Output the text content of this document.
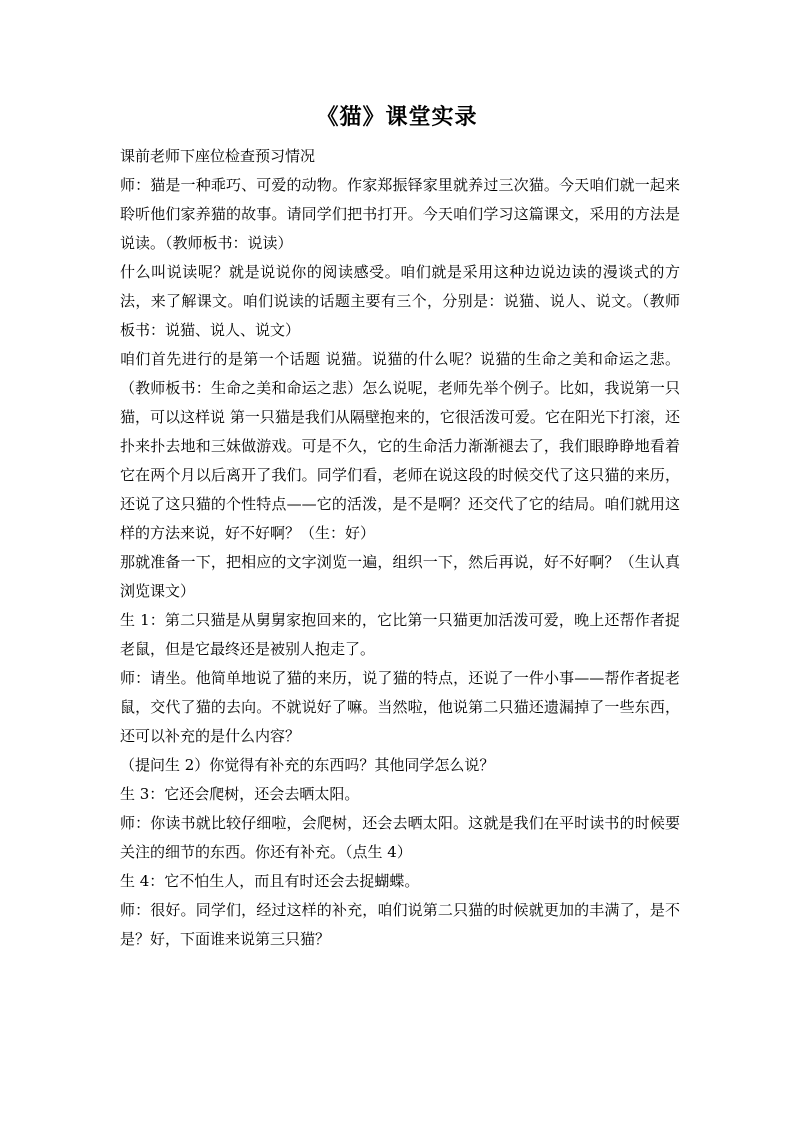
《猫》课堂实录

课前老师下座位检查预习情况

师：猫是一种乖巧、可爱的动物。作家郑振铎家里就养过三次猫。今天咱们就一起来聆听他们家养猫的故事。请同学们把书打开。今天咱们学习这篇课文，采用的方法是说读。（教师板书：说读）

什么叫说读呢？就是说说你的阅读感受。咱们就是采用这种边说边读的漫谈式的方法，来了解课文。咱们说读的话题主要有三个，分别是：说猫、说人、说文。（教师板书：说猫、说人、说文）

咱们首先进行的是第一个话题 说猫。说猫的什么呢？说猫的生命之美和命运之悲。（教师板书：生命之美和命运之悲）怎么说呢，老师先举个例子。比如，我说第一只猫，可以这样说 第一只猫是我们从隔壁抱来的，它很活泼可爱。它在阳光下打滚，还扑来扑去地和三妹做游戏。可是不久，它的生命活力渐渐褪去了，我们眼睁睁地看着它在两个月以后离开了我们。同学们看，老师在说这段的时候交代了这只猫的来历，还说了这只猫的个性特点——它的活泼，是不是啊？还交代了它的结局。咱们就用这样的方法来说，好不好啊？（生：好）

那就准备一下，把相应的文字浏览一遍，组织一下，然后再说，好不好啊？（生认真浏览课文）

生 1：第二只猫是从舅舅家抱回来的，它比第一只猫更加活泼可爱，晚上还帮作者捉老鼠，但是它最终还是被别人抱走了。

师：请坐。他简单地说了猫的来历，说了猫的特点，还说了一件小事——帮作者捉老鼠，交代了猫的去向。不就说好了嘛。当然啦，他说第二只猫还遗漏掉了一些东西，还可以补充的是什么内容？

（提问生 2）你觉得有补充的东西吗？其他同学怎么说？

生 3：它还会爬树，还会去晒太阳。

师：你读书就比较仔细啦，会爬树，还会去晒太阳。这就是我们在平时读书的时候要关注的细节的东西。你还有补充。（点生 4）

生 4：它不怕生人，而且有时还会去捉蝴蝶。

师：很好。同学们，经过这样的补充，咱们说第二只猫的时候就更加的丰满了，是不是？好，下面谁来说第三只猫？
